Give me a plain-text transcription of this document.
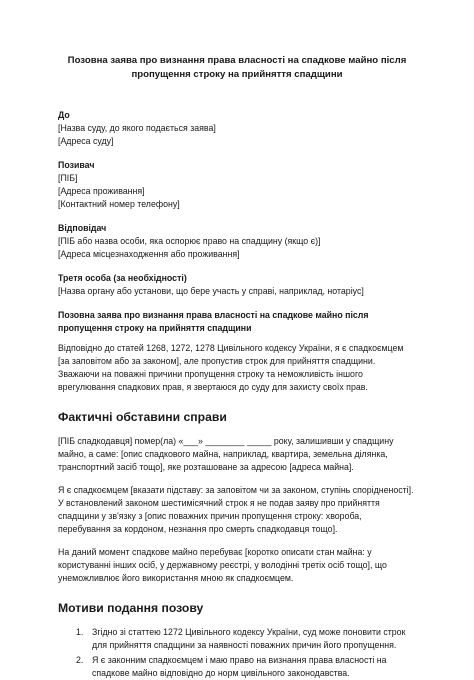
Позовна заява про визнання права власності на спадкове майно після пропущення строку на прийняття спадщини

До

[Назва суду, до якого подається заява]

[Адреса суду]

Позивач

[ПІБ]

[Адреса проживання]

[Контактний номер телефону]

Відповідач

[ПІБ або назва особи, яка оспорює право на спадщину (якщо є)]

[Адреса місцезнаходження або проживання]

Третя особа (за необхідності)

[Назва органу або установи, що бере участь у справі, наприклад, нотаріус]

Позовна заява про визнання права власності на спадкове майно після пропущення строку на прийняття спадщини

Відповідно до статей 1268, 1272, 1278 Цивільного кодексу України, я є спадкоємцем [за заповітом або за законом], але пропустив строк для прийняття спадщини. Зважаючи на поважні причини пропущення строку та неможливість іншого врегулювання спадкових прав, я звертаюся до суду для захисту своїх прав.

Фактичні обставини справи

[ПІБ спадкодавця] помер(ла) «___» ________ _____ року, залишивши у спадщину майно, а саме: [опис спадкового майна, наприклад, квартира, земельна ділянка, транспортний засіб тощо], яке розташоване за адресою [адреса майна].

Я є спадкоємцем [вказати підставу: за заповітом чи за законом, ступінь спорідненості]. У встановлений законом шестимісячний строк я не подав заяву про прийняття спадщини у зв'язку з [опис поважних причин пропущення строку: хвороба, перебування за кордоном, незнання про смерть спадкодавця тощо].

На даний момент спадкове майно перебуває [коротко описати стан майна: у користуванні інших осіб, у державному реєстрі, у володінні третіх осіб тощо], що унеможливлює його використання мною як спадкоємцем.

Мотиви подання позову
1. Згідно зі статтею 1272 Цивільного кодексу України, суд може поновити строк для прийняття спадщини за наявності поважних причин його пропущення.
2. Я є законним спадкоємцем і маю право на визнання права власності на спадкове майно відповідно до норм цивільного законодавства.
